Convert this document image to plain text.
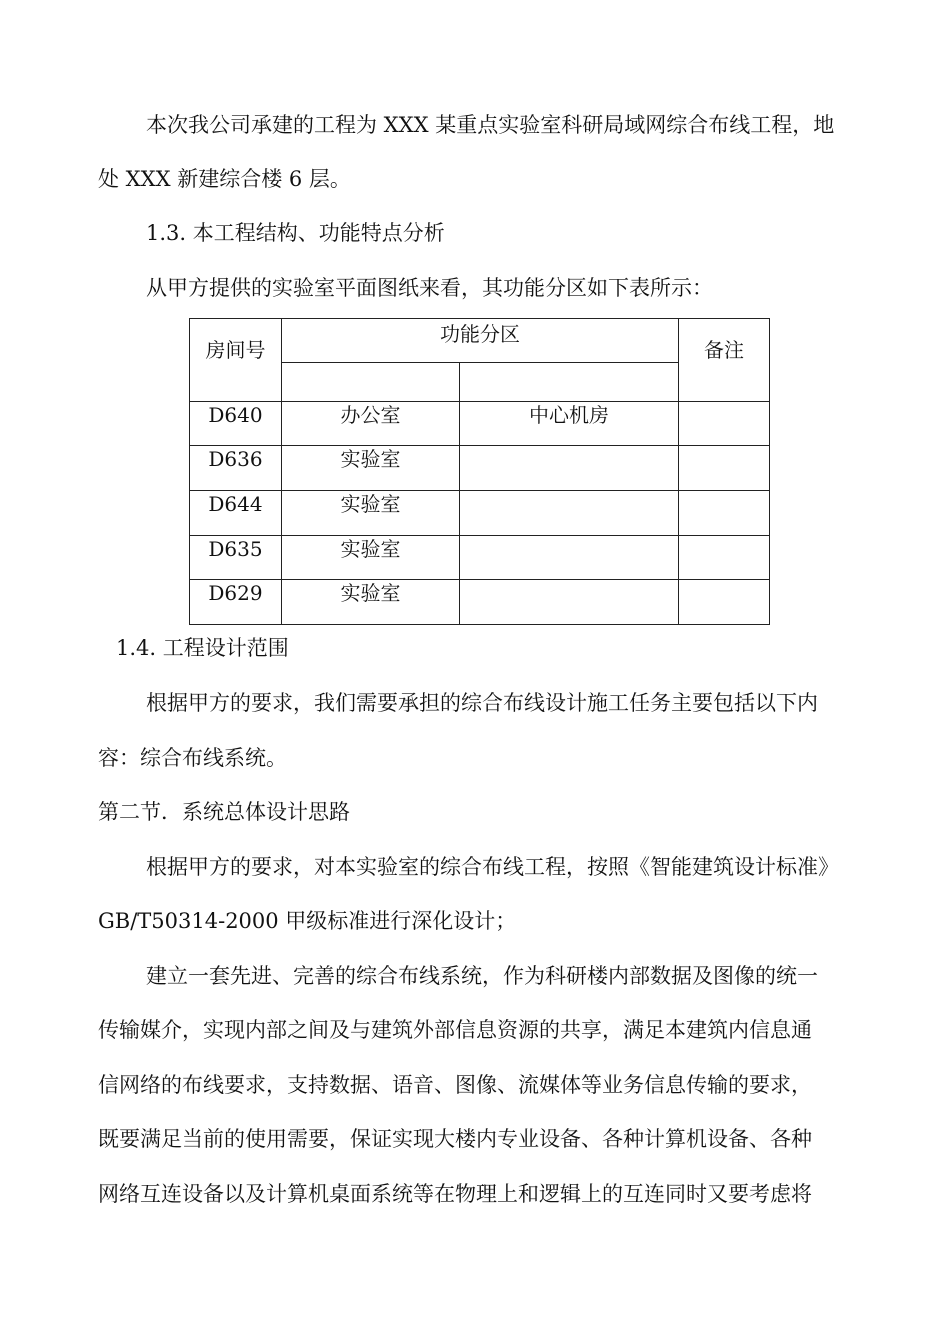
本次我公司承建的工程为 XXX 某重点实验室科研局域网综合布线工程，地
处 XXX 新建综合楼 6 层。
1.3. 本工程结构、功能特点分析
从甲方提供的实验室平面图纸来看，其功能分区如下表所示：
房间号	功能分区		备注

D640	办公室	中心机房	
D636	实验室		
D644	实验室		
D635	实验室		
D629	实验室		
1.4. 工程设计范围
根据甲方的要求，我们需要承担的综合布线设计施工任务主要包括以下内
容：综合布线系统。
第二节．系统总体设计思路
根据甲方的要求，对本实验室的综合布线工程，按照《智能建筑设计标准》
GB/T50314-2000 甲级标准进行深化设计；
建立一套先进、完善的综合布线系统，作为科研楼内部数据及图像的统一
传输媒介，实现内部之间及与建筑外部信息资源的共享，满足本建筑内信息通
信网络的布线要求，支持数据、语音、图像、流媒体等业务信息传输的要求，
既要满足当前的使用需要，保证实现大楼内专业设备、各种计算机设备、各种
网络互连设备以及计算机桌面系统等在物理上和逻辑上的互连同时又要考虑将
